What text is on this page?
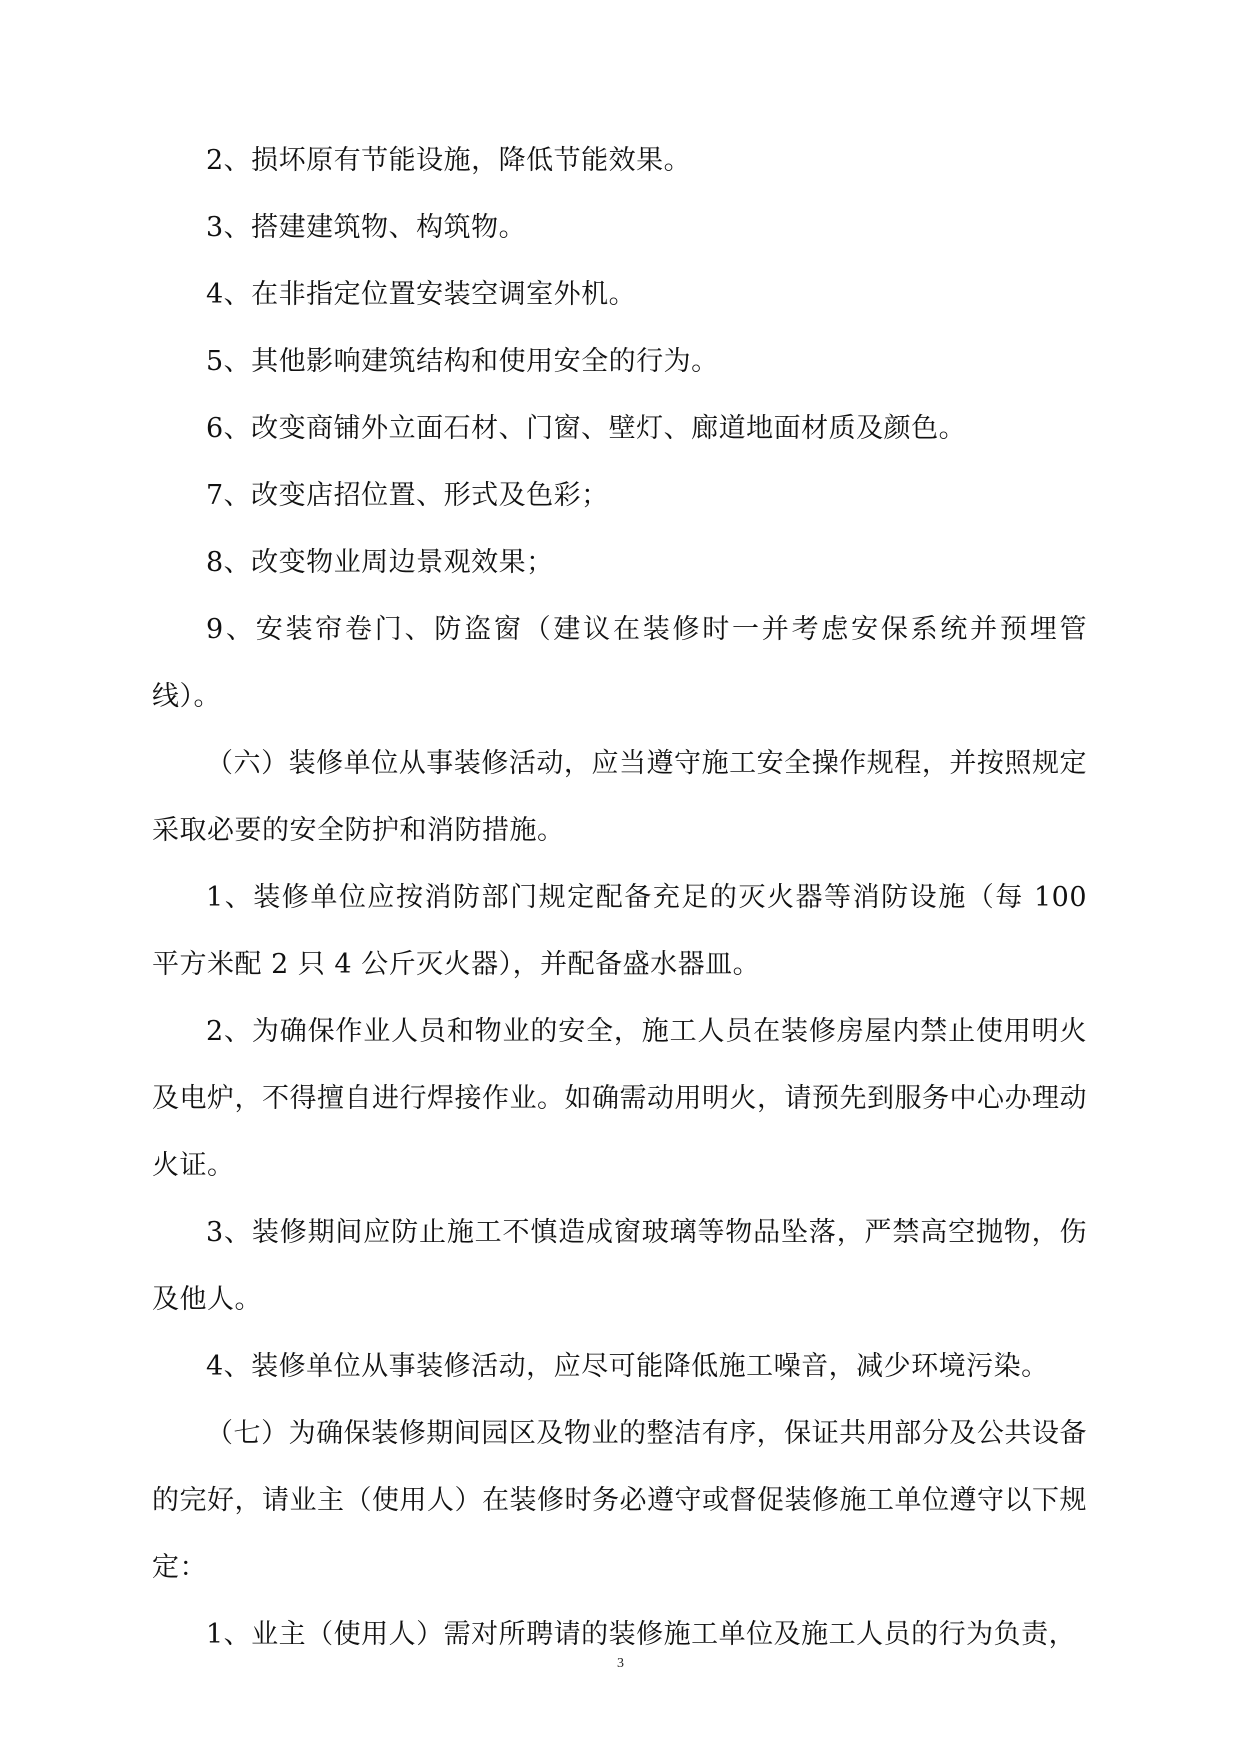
2、损坏原有节能设施，降低节能效果。

3、搭建建筑物、构筑物。

4、在非指定位置安装空调室外机。

5、其他影响建筑结构和使用安全的行为。

6、改变商铺外立面石材、门窗、壁灯、廊道地面材质及颜色。

7、改变店招位置、形式及色彩；

8、改变物业周边景观效果；

9、安装帘卷门、防盗窗（建议在装修时一并考虑安保系统并预埋管线）。

（六）装修单位从事装修活动，应当遵守施工安全操作规程，并按照规定采取必要的安全防护和消防措施。

1、装修单位应按消防部门规定配备充足的灭火器等消防设施（每 100 平方米配 2 只 4 公斤灭火器），并配备盛水器皿。

2、为确保作业人员和物业的安全，施工人员在装修房屋内禁止使用明火及电炉，不得擅自进行焊接作业。如确需动用明火，请预先到服务中心办理动火证。

3、装修期间应防止施工不慎造成窗玻璃等物品坠落，严禁高空抛物，伤及他人。

4、装修单位从事装修活动，应尽可能降低施工噪音，减少环境污染。

（七）为确保装修期间园区及物业的整洁有序，保证共用部分及公共设备的完好，请业主（使用人）在装修时务必遵守或督促装修施工单位遵守以下规定：

1、业主（使用人）需对所聘请的装修施工单位及施工人员的行为负责，

3
